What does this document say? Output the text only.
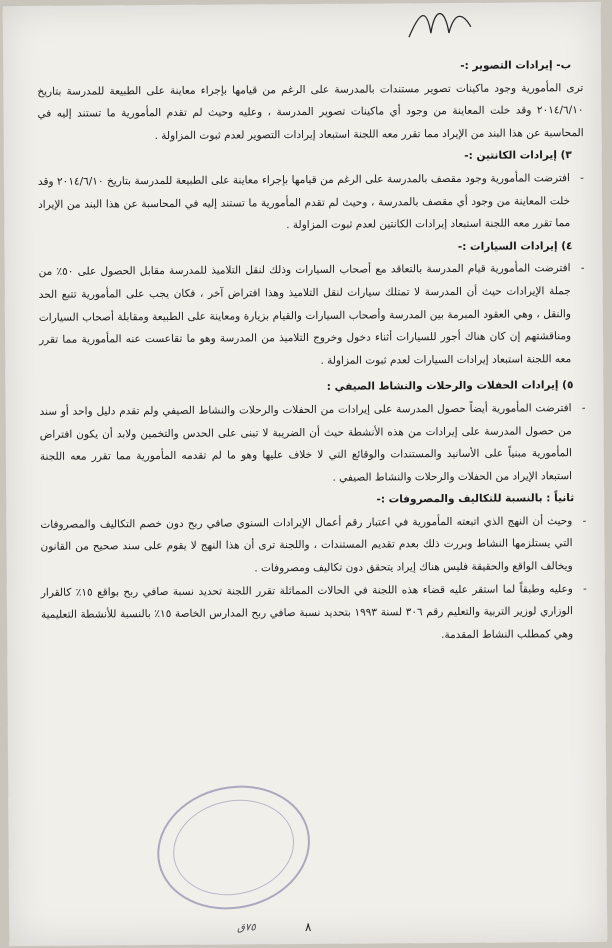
ب- إيرادات التصوير :-

ترى المأمورية وجود ماكينات تصوير مستندات بالمدرسة على الرغم من قيامها بإجراء معاينة على الطبيعة للمدرسة بتاريخ ٢٠١٤/٦/١٠ وقد خلت المعاينة من وجود أي ماكينات تصوير المدرسة ، وعليه وحيث لم تقدم المأمورية ما تستند إليه في المحاسبة عن هذا البند من الإيراد مما تقرر معه اللجنة استبعاد إيرادات التصوير لعدم ثبوت المزاولة .

٣) إيرادات الكانتين :-

-افترضت المأمورية وجود مقصف بالمدرسة على الرغم من قيامها بإجراء معاينة على الطبيعة للمدرسة بتاريخ ٢٠١٤/٦/١٠ وقد خلت المعاينة من وجود أي مقصف بالمدرسة ، وحيث لم تقدم المأمورية ما تستند إليه في المحاسبة عن هذا البند من الإيراد مما تقرر معه اللجنة استبعاد إيرادات الكانتين لعدم ثبوت المزاولة .

٤) إيرادات السيارات :-

-افترضت المأمورية قيام المدرسة بالتعاقد مع أصحاب السيارات وذلك لنقل التلاميذ للمدرسة مقابل الحصول على ٥٠٪ من جملة الإيرادات حيث أن المدرسة لا تمتلك سيارات لنقل التلاميذ وهذا افتراض آخر ، فكان يجب على المأمورية تتبع الحد والنقل ، وهي العقود المبرمة بين المدرسة وأصحاب السيارات والقيام بزيارة ومعاينة على الطبيعة ومقابلة أصحاب السيارات ومناقشتهم إن كان هناك أجور للسيارات أثناء دخول وخروج التلاميذ من المدرسة وهو ما تقاعست عنه المأمورية مما تقرر معه اللجنة استبعاد إيرادات السيارات لعدم ثبوت المزاولة .

٥) إيرادات الحفلات والرحلات والنشاط الصيفي :

-افترضت المأمورية أيضاً حصول المدرسة على إيرادات من الحفلات والرحلات والنشاط الصيفي ولم تقدم دليل واحد أو سند من حصول المدرسة على إيرادات من هذه الأنشطة حيث أن الضريبة لا تبنى على الحدس والتخمين ولابد أن يكون افتراض المأمورية مبنياً على الأسانيد والمستندات والوقائع التي لا خلاف عليها وهو ما لم تقدمه المأمورية مما تقرر معه اللجنة استبعاد الإيراد من الحفلات والرحلات والنشاط الصيفي .

ثانياً : بالنسبة للتكاليف والمصروفات :-

-وحيث أن النهج الذي اتبعته المأمورية في اعتبار رقم أعمال الإيرادات السنوي صافي ربح دون خصم التكاليف والمصروفات التي يستلزمها النشاط وبررت ذلك بعدم تقديم المستندات ، واللجنة ترى أن هذا النهج لا يقوم على سند صحيح من القانون ويخالف الواقع والحقيقة فليس هناك إيراد يتحقق دون تكاليف ومصروفات .

-وعليه وطبقاً لما استقر عليه قضاء هذه اللجنة في الحالات المماثلة تقرر اللجنة تحديد نسبة صافي ربح بواقع ١٥٪ كالقرار الوزاري لوزير التربية والتعليم رقم ٣٠٦ لسنة ١٩٩٣ بتحديد نسبة صافي ربح المدارس الخاصة ١٥٪ بالنسبة للأنشطة التعليمية وهي كمطلب النشاط المقدمة.

٨
٧٥ق
